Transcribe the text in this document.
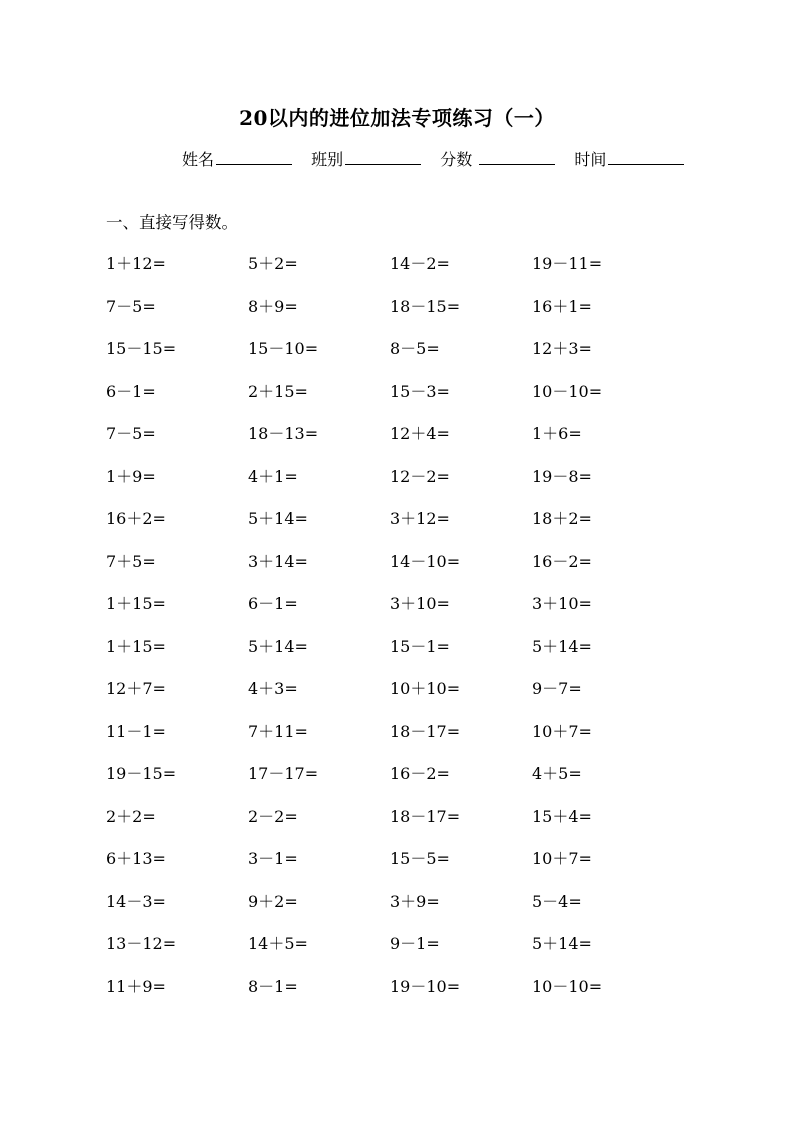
20以内的进位加法专项练习（一）
姓名	班别	分数	时间
一、直接写得数。
1＋12=	5＋2=	14－2=	19－11=
7－5=	8＋9=	18－15=	16＋1=
15－15=	15－10=	8－5=	12＋3=
6－1=	2＋15=	15－3=	10－10=
7－5=	18－13=	12＋4=	1＋6=
1＋9=	4＋1=	12－2=	19－8=
16＋2=	5＋14=	3＋12=	18＋2=
7＋5=	3＋14=	14－10=	16－2=
1＋15=	6－1=	3＋10=	3＋10=
1＋15=	5＋14=	15－1=	5＋14=
12＋7=	4＋3=	10＋10=	9－7=
11－1=	7＋11=	18－17=	10＋7=
19－15=	17－17=	16－2=	4＋5=
2＋2=	2－2=	18－17=	15＋4=
6＋13=	3－1=	15－5=	10＋7=
14－3=	9＋2=	3＋9=	5－4=
13－12=	14＋5=	9－1=	5＋14=
11＋9=	8－1=	19－10=	10－10=
